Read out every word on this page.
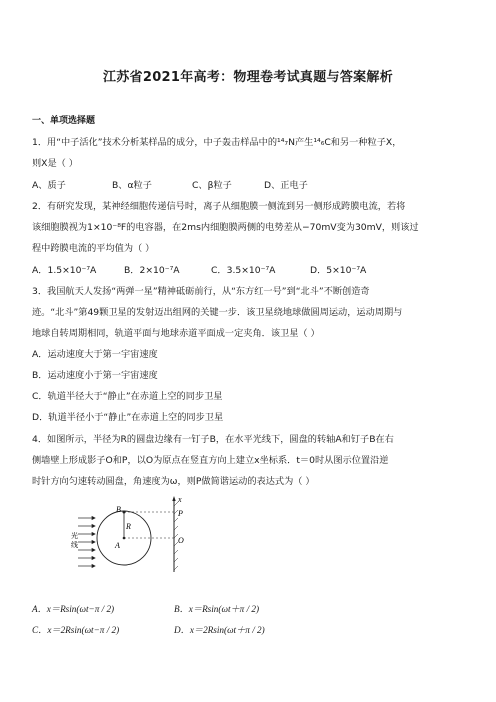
江苏省2021年高考：物理卷考试真题与答案解析
一、单项选择题
1．用“中子活化”技术分析某样品的成分，中子轰击样品中的¹⁴₇N产生¹⁴₆C和另一种粒子X，
则X是（ ）
A、质子	B、α粒子	C、β粒子	D、正电子
2．有研究发现，某神经细胞传递信号时，离子从细胞膜一侧流到另一侧形成跨膜电流，若将
该细胞膜视为1×10⁻⁸F的电容器，在2ms内细胞膜两侧的电势差从−70mV变为30mV，则该过
程中跨膜电流的平均值为（ ）
A．1.5×10⁻⁷A	B．2×10⁻⁷A	C．3.5×10⁻⁷A	D．5×10⁻⁷A
3．我国航天人发扬“两弹一星”精神砥砺前行，从“东方红一号”到“北斗”不断创造奇
迹。“北斗”第49颗卫星的发射迈出组网的关键一步．该卫星绕地球做圆周运动，运动周期与
地球自转周期相同，轨道平面与地球赤道平面成一定夹角．该卫星（ ）
A．运动速度大于第一宇宙速度
B．运动速度小于第一宇宙速度
C．轨道半径大于“静止”在赤道上空的同步卫星
D．轨道半径小于“静止”在赤道上空的同步卫星
4．如图所示，半径为R的圆盘边缘有一钉子B，在水平光线下，圆盘的转轴A和钉子B在右
侧墙壁上形成影子O和P，以O为原点在竖直方向上建立x坐标系．t＝0时从图示位置沿逆
时针方向匀速转动圆盘，角速度为ω，则P做简谐运动的表达式为（ ）
B
R
A
P
O
x
光线
A．x＝Rsin(ωt−π / 2)	B．x＝Rsin(ωt＋π / 2)
C．x＝2Rsin(ωt−π / 2)	D．x＝2Rsin(ωt＋π / 2)
